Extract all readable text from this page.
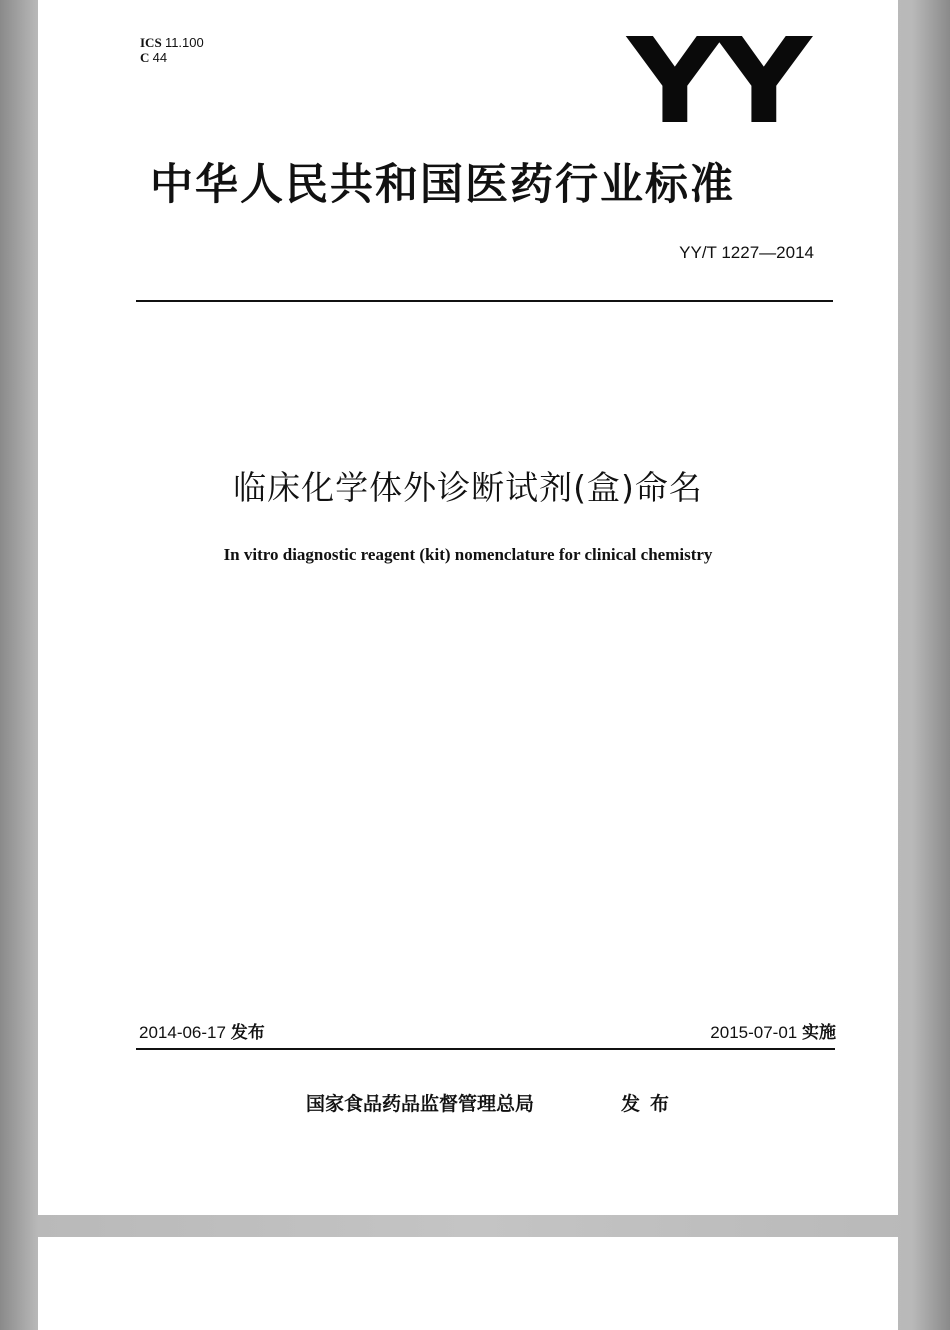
ICS 11.100
C 44	YY
中华人民共和国医药行业标准
YY/T 1227—2014
临床化学体外诊断试剂(盒)命名
In vitro diagnostic reagent (kit) nomenclature for clinical chemistry
2014-06-17 发布	2015-07-01 实施
国家食品药品监督管理总局	发布
